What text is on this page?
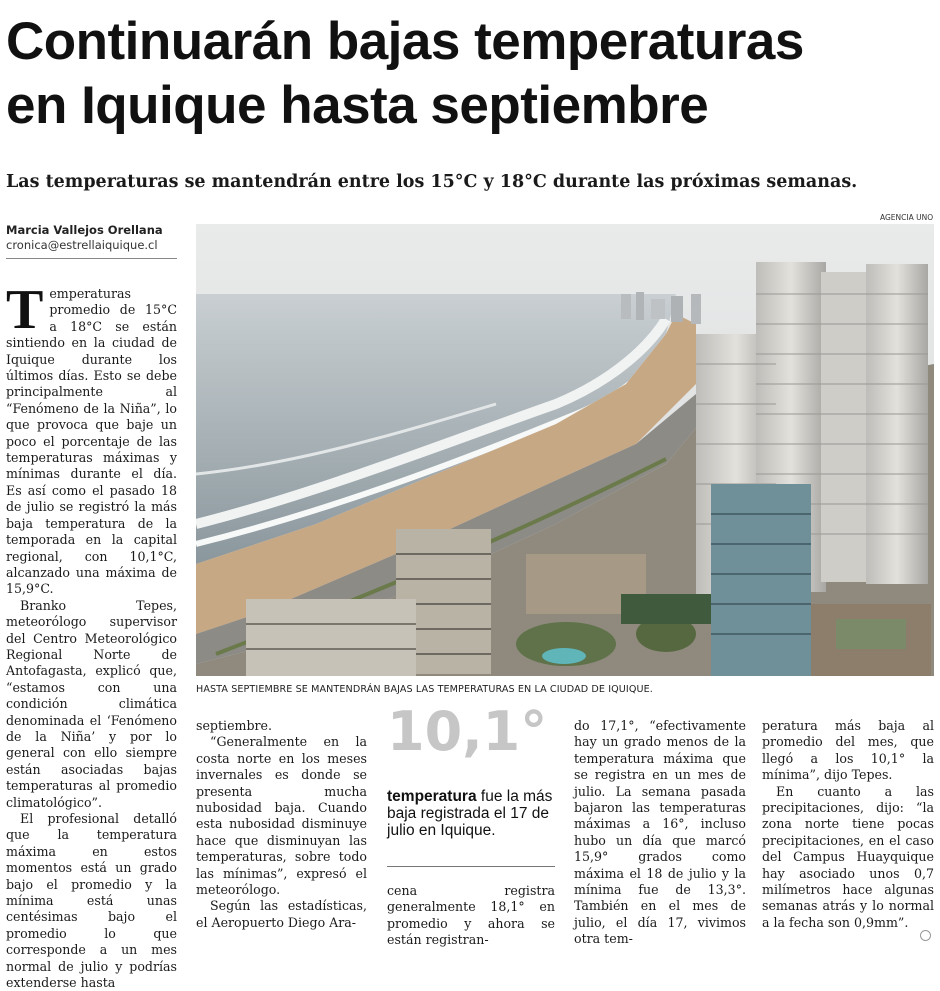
Continuarán bajas temperaturas
en Iquique hasta septiembre

Las temperaturas se mantendrán entre los 15°C y 18°C durante las próximas semanas.

Marcia Vallejos Orellana
cronica@estrellaiquique.cl
AGENCIA UNO
HASTA SEPTIEMBRE SE MANTENDRÁN BAJAS LAS TEMPERATURAS EN LA CIUDAD DE IQUIQUE.

Temperaturas promedio de 15°C a 18°C se están sintiendo en la ciudad de Iquique durante los últimos días. Esto se debe principalmente al “Fenómeno de la Niña”, lo que provoca que baje un poco el porcentaje de las temperaturas máximas y mínimas durante el día. Es así como el pasado 18 de julio se registró la más baja temperatura de la temporada en la capital regional, con 10,1°C, alcanzado una máxima de 15,9°C.

Branko Tepes, meteorólogo supervisor del Centro Meteorológico Regional Norte de Antofagasta, explicó que, “estamos con una condición climática denominada el ‘Fenómeno de la Niña’ y por lo general con ello siempre están asociadas bajas temperaturas al promedio climatológico”.

El profesional detalló que la temperatura máxima en estos momentos está un grado bajo el promedio y la mínima está unas centésimas bajo el promedio lo que corresponde a un mes normal de julio y podrías extenderse hasta

septiembre.

“Generalmente en la costa norte en los meses invernales es donde se presenta mucha nubosidad baja. Cuando esta nubosidad disminuye hace que disminuyan las temperaturas, sobre todo las mínimas”, expresó el meteorólogo.

Según las estadísticas, el Aeropuerto Diego Ara-

10,1°
temperatura fue la más baja registrada el 17 de julio en Iquique.

cena registra generalmente 18,1° en promedio y ahora se están registran-

do 17,1°, “efectivamente hay un grado menos de la temperatura máxima que se registra en un mes de julio. La semana pasada bajaron las temperaturas máximas a 16°, incluso hubo un día que marcó 15,9° grados como máxima el 18 de julio y la mínima fue de 13,3°. También en el mes de julio, el día 17, vivimos otra tem-

peratura más baja al promedio del mes, que llegó a los 10,1° la mínima”, dijo Tepes.

En cuanto a las precipitaciones, dijo: “la zona norte tiene pocas precipitaciones, en el caso del Campus Huayquique hay asociado unos 0,7 milímetros hace algunas semanas atrás y lo normal a la fecha son 0,9mm”.
